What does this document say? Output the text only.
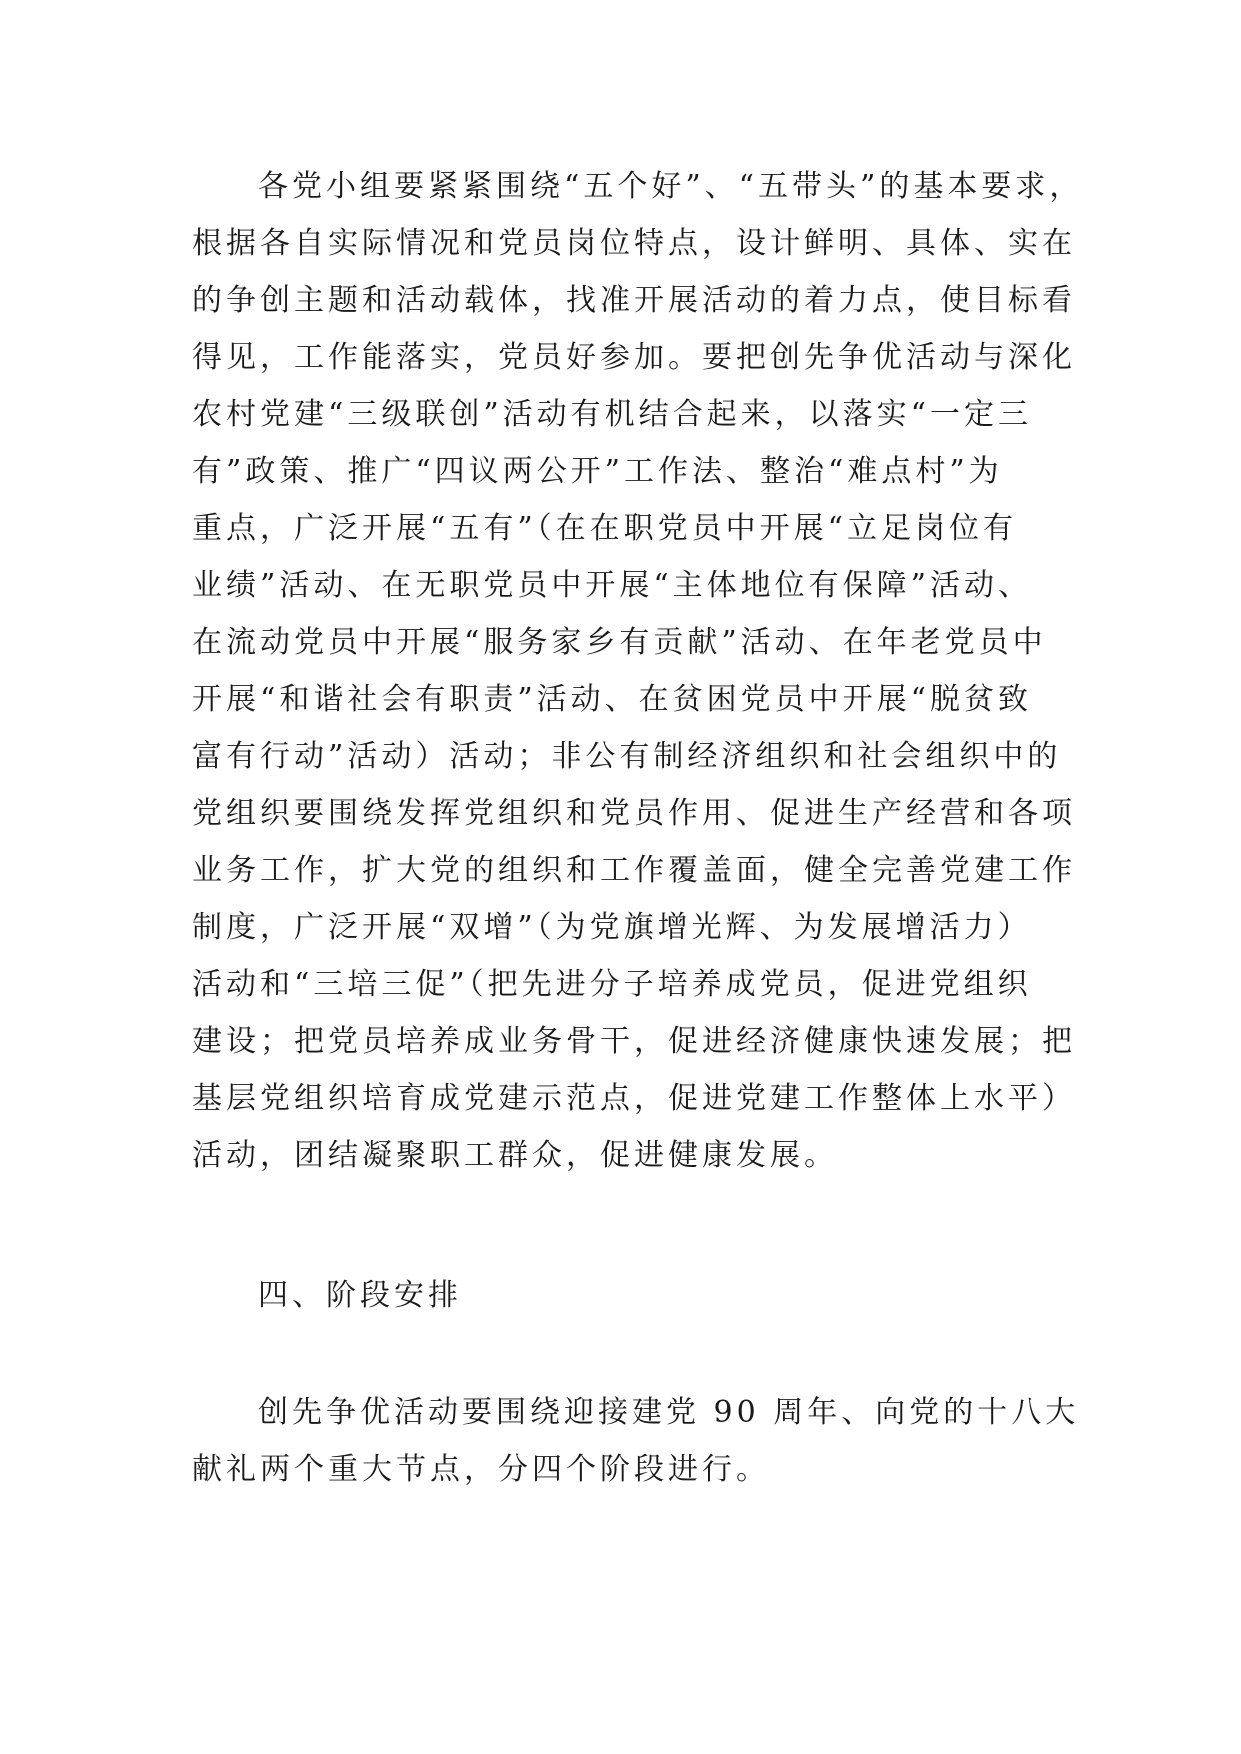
各党小组要紧紧围绕“五个好”、“五带头”的基本要求，
根据各自实际情况和党员岗位特点，设计鲜明、具体、实在
的争创主题和活动载体，找准开展活动的着力点，使目标看
得见，工作能落实，党员好参加。要把创先争优活动与深化
农村党建“三级联创”活动有机结合起来，以落实“一定三
有”政策、推广“四议两公开”工作法、整治“难点村”为
重点，广泛开展“五有”（在在职党员中开展“立足岗位有
业绩”活动、在无职党员中开展“主体地位有保障”活动、
在流动党员中开展“服务家乡有贡献”活动、在年老党员中
开展“和谐社会有职责”活动、在贫困党员中开展“脱贫致
富有行动”活动）活动；非公有制经济组织和社会组织中的
党组织要围绕发挥党组织和党员作用、促进生产经营和各项
业务工作，扩大党的组织和工作覆盖面，健全完善党建工作
制度，广泛开展“双增”（为党旗增光辉、为发展增活力）
活动和“三培三促”（把先进分子培养成党员，促进党组织
建设；把党员培养成业务骨干，促进经济健康快速发展；把
基层党组织培育成党建示范点，促进党建工作整体上水平）
活动，团结凝聚职工群众，促进健康发展。
四、阶段安排
创先争优活动要围绕迎接建党 90 周年、向党的十八大
献礼两个重大节点，分四个阶段进行。
